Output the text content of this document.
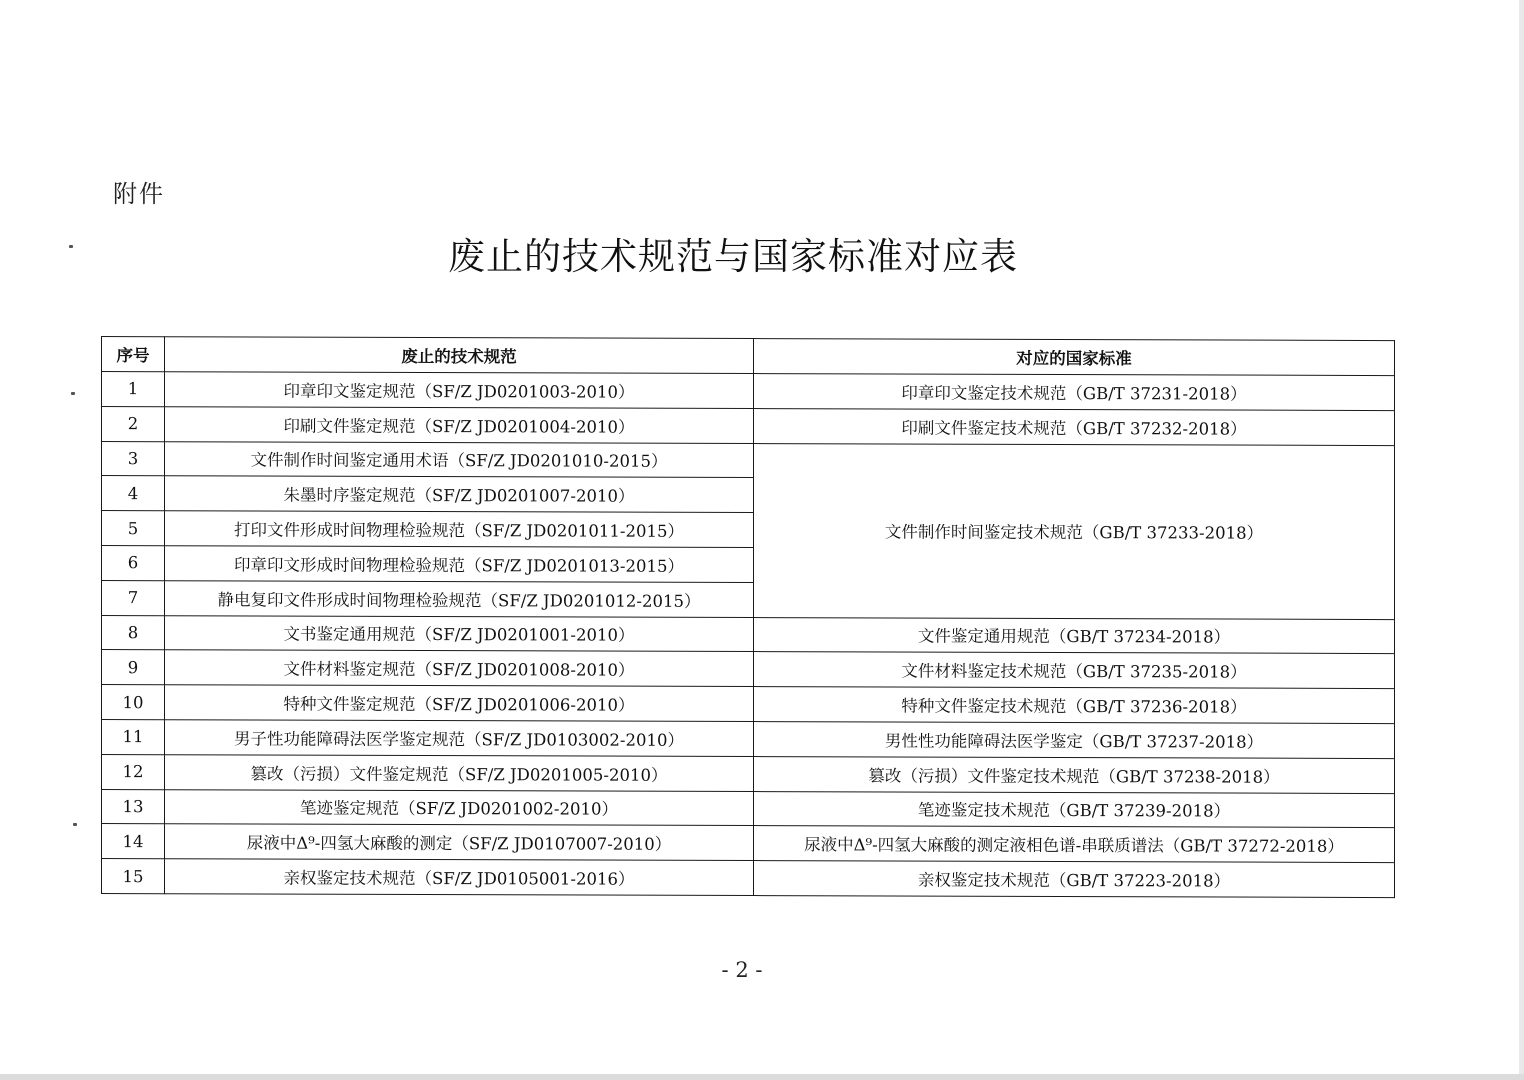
附件
废止的技术规范与国家标准对应表
序号	废止的技术规范	对应的国家标准
1	印章印文鉴定规范（SF/Z JD0201003-2010）	印章印文鉴定技术规范（GB/T 37231-2018）
2	印刷文件鉴定规范（SF/Z JD0201004-2010）	印刷文件鉴定技术规范（GB/T 37232-2018）
3	文件制作时间鉴定通用术语（SF/Z JD0201010-2015）	文件制作时间鉴定技术规范（GB/T 37233-2018）
4	朱墨时序鉴定规范（SF/Z JD0201007-2010）	
5	打印文件形成时间物理检验规范（SF/Z JD0201011-2015）	
6	印章印文形成时间物理检验规范（SF/Z JD0201013-2015）	
7	静电复印文件形成时间物理检验规范（SF/Z JD0201012-2015）	
8	文书鉴定通用规范（SF/Z JD0201001-2010）	文件鉴定通用规范（GB/T 37234-2018）
9	文件材料鉴定规范（SF/Z JD0201008-2010）	文件材料鉴定技术规范（GB/T 37235-2018）
10	特种文件鉴定规范（SF/Z JD0201006-2010）	特种文件鉴定技术规范（GB/T 37236-2018）
11	男子性功能障碍法医学鉴定规范（SF/Z JD0103002-2010）	男性性功能障碍法医学鉴定（GB/T 37237-2018）
12	篡改（污损）文件鉴定规范（SF/Z JD0201005-2010）	篡改（污损）文件鉴定技术规范（GB/T 37238-2018）
13	笔迹鉴定规范（SF/Z JD0201002-2010）	笔迹鉴定技术规范（GB/T 37239-2018）
14	尿液中Δ⁹-四氢大麻酸的测定（SF/Z JD0107007-2010）	尿液中Δ⁹-四氢大麻酸的测定液相色谱-串联质谱法（GB/T 37272-2018）
15	亲权鉴定技术规范（SF/Z JD0105001-2016）	亲权鉴定技术规范（GB/T 37223-2018）
- 2 -
